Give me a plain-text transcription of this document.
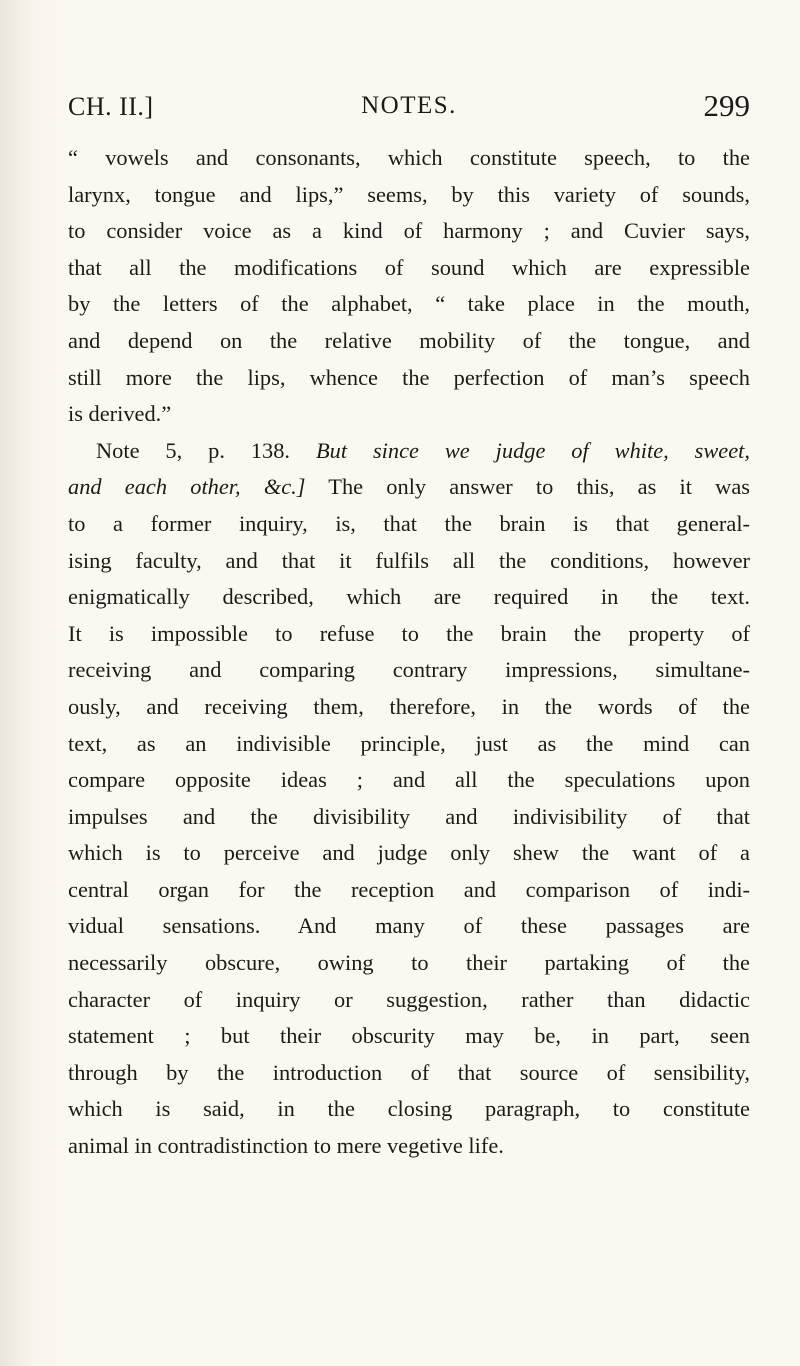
CH. II.]	NOTES.	299
“ vowels and consonants, which constitute speech, to the
larynx, tongue and lips,” seems, by this variety of sounds,
to consider voice as a kind of harmony ; and Cuvier says,
that all the modifications of sound which are expressible
by the letters of the alphabet, “ take place in the mouth,
and depend on the relative mobility of the tongue, and
still more the lips, whence the perfection of man’s speech
is derived.”
Note 5, p. 138. But since we judge of white, sweet,
and each other, &c.] The only answer to this, as it was
to a former inquiry, is, that the brain is that general-
ising faculty, and that it fulfils all the conditions, however
enigmatically described, which are required in the text.
It is impossible to refuse to the brain the property of
receiving and comparing contrary impressions, simultane-
ously, and receiving them, therefore, in the words of the
text, as an indivisible principle, just as the mind can
compare opposite ideas ; and all the speculations upon
impulses and the divisibility and indivisibility of that
which is to perceive and judge only shew the want of a
central organ for the reception and comparison of indi-
vidual sensations. And many of these passages are
necessarily obscure, owing to their partaking of the
character of inquiry or suggestion, rather than didactic
statement ; but their obscurity may be, in part, seen
through by the introduction of that source of sensibility,
which is said, in the closing paragraph, to constitute
animal in contradistinction to mere vegetive life.
